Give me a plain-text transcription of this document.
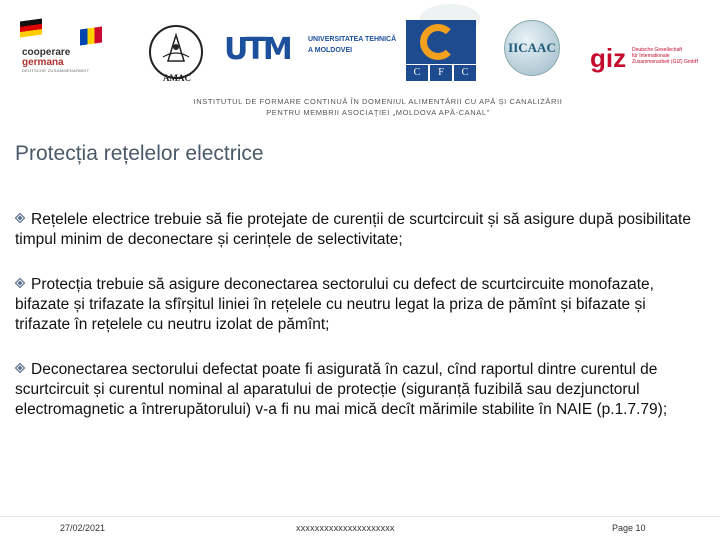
cooperare
germana
DEUTSCHE ZUSAMMENARBEIT
AMAC
UTM	UNIVERSITATEA TEHNICĂ
A MOLDOVEI
C	F	C
IICAAC giz Deutsche Gesellschaft
für Internationale
Zusammenarbeit (GIZ) GmbH
INSTITUTUL DE FORMARE CONTINUĂ ÎN DOMENIUL ALIMENTĂRII CU APĂ ȘI CANALIZĂRII
PENTRU MEMBRII ASOCIAȚIEI „MOLDOVA APĂ-CANAL”
Protecția rețelelor electrice

Rețelele electrice trebuie să fie protejate de curenții de scurtcircuit și să asigure după posibilitate timpul minim de deconectare și cerințele de selectivitate;

Protecția trebuie să asigure deconectarea sectorului cu defect de scurtcircuite monofazate, bifazate și trifazate la sfîrșitul liniei în rețelele cu neutru legat la priza de pămînt și bifazate și trifazate în rețelele cu neutru izolat de pămînt;

Deconectarea sectorului defectat poate fi asigurată în cazul, cînd raportul dintre curentul de scurtcircuit și curentul nominal al aparatului de protecție (siguranță fuzibilă sau dezjunctorul electromagnetic a întrerupătorului) v-a fi nu mai mică decît mărimile stabilite în NAIE (p.1.7.79);

27/02/2021	xxxxxxxxxxxxxxxxxxxxx	Page 10
